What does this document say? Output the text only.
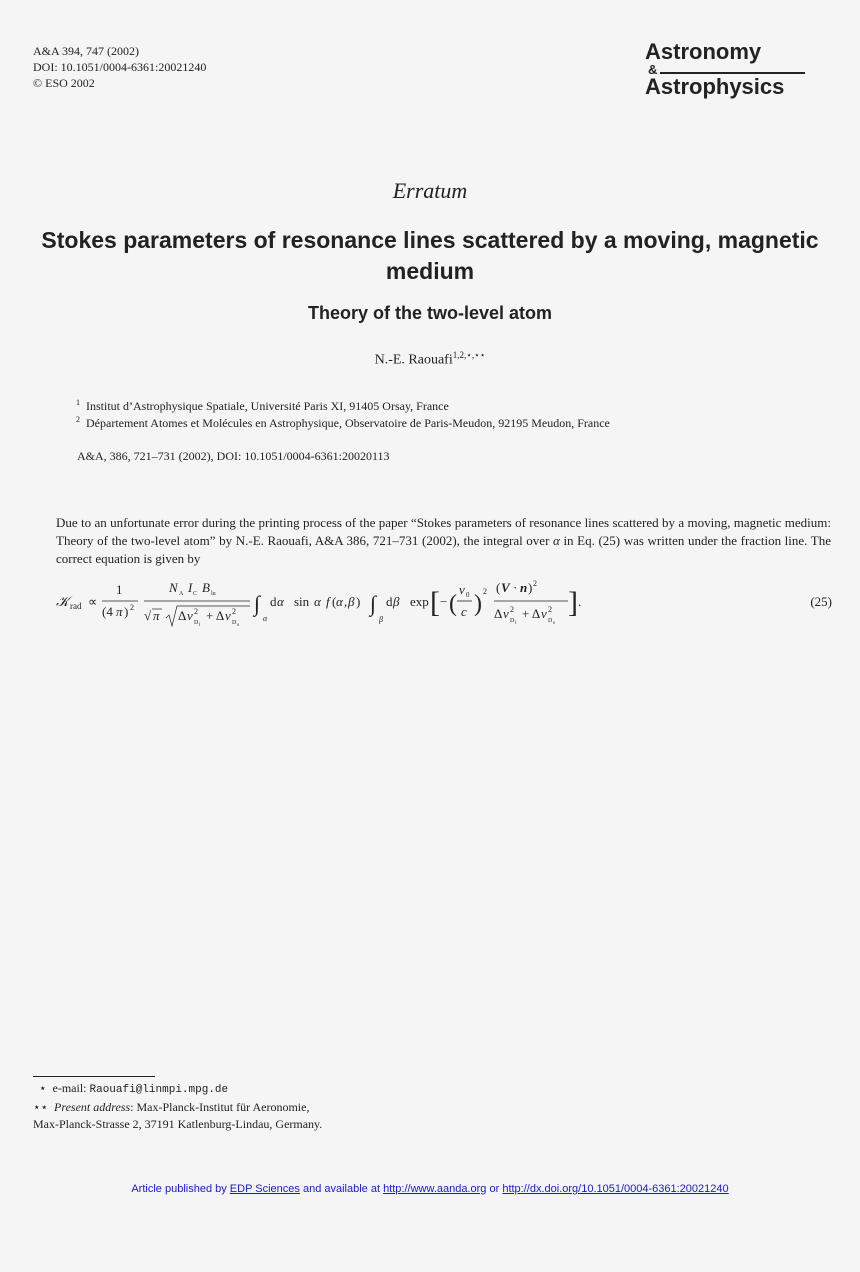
A&A 394, 747 (2002)
DOI: 10.1051/0004-6361:20021240
© ESO 2002
Astronomy
&
Astrophysics
Erratum
Stokes parameters of resonance lines scattered by a moving, magnetic medium
Theory of the two-level atom
N.-E. Raouafi$^{1,2,⋆,⋆⋆}$
$^1$ Institut d’Astrophysique Spatiale, Université Paris XI, 91405 Orsay, France
$^2$ Département Atomes et Molécules en Astrophysique, Observatoire de Paris-Meudon, 92195 Meudon, France
A&A, 386, 721–731 (2002), DOI: 10.1051/0004-6361:20020113
Due to an unfortunate error during the printing process of the paper “Stokes parameters of resonance lines scattered by a moving, magnetic medium: Theory of the two-level atom” by N.-E. Raouafi, A&A 386, 721–731 (2002), the integral over α in Eq. (25) was written under the fraction line. The correct equation is given by
𝒦 rad ∝
1
(4 π ) 2
N A I C B lu
√ π Δ ν 2
D l
+ Δ ν 2
D s
∫
α
d α sin α f ( α , β ) ∫
β
d β exp [ − (
v 0
c ) 2 ( V · n ) 2
Δ ν 2
D l
+ Δ ν 2
D s
] .	(25)
⋆ e-mail: Raouafi@linmpi.mpg.de
⋆⋆ Present address: Max-Planck-Institut für Aeronomie,
Max-Planck-Strasse 2, 37191 Katlenburg-Lindau, Germany.
Article published by EDP Sciences and available at http://www.aanda.org or http://dx.doi.org/10.1051/0004-6361:20021240
